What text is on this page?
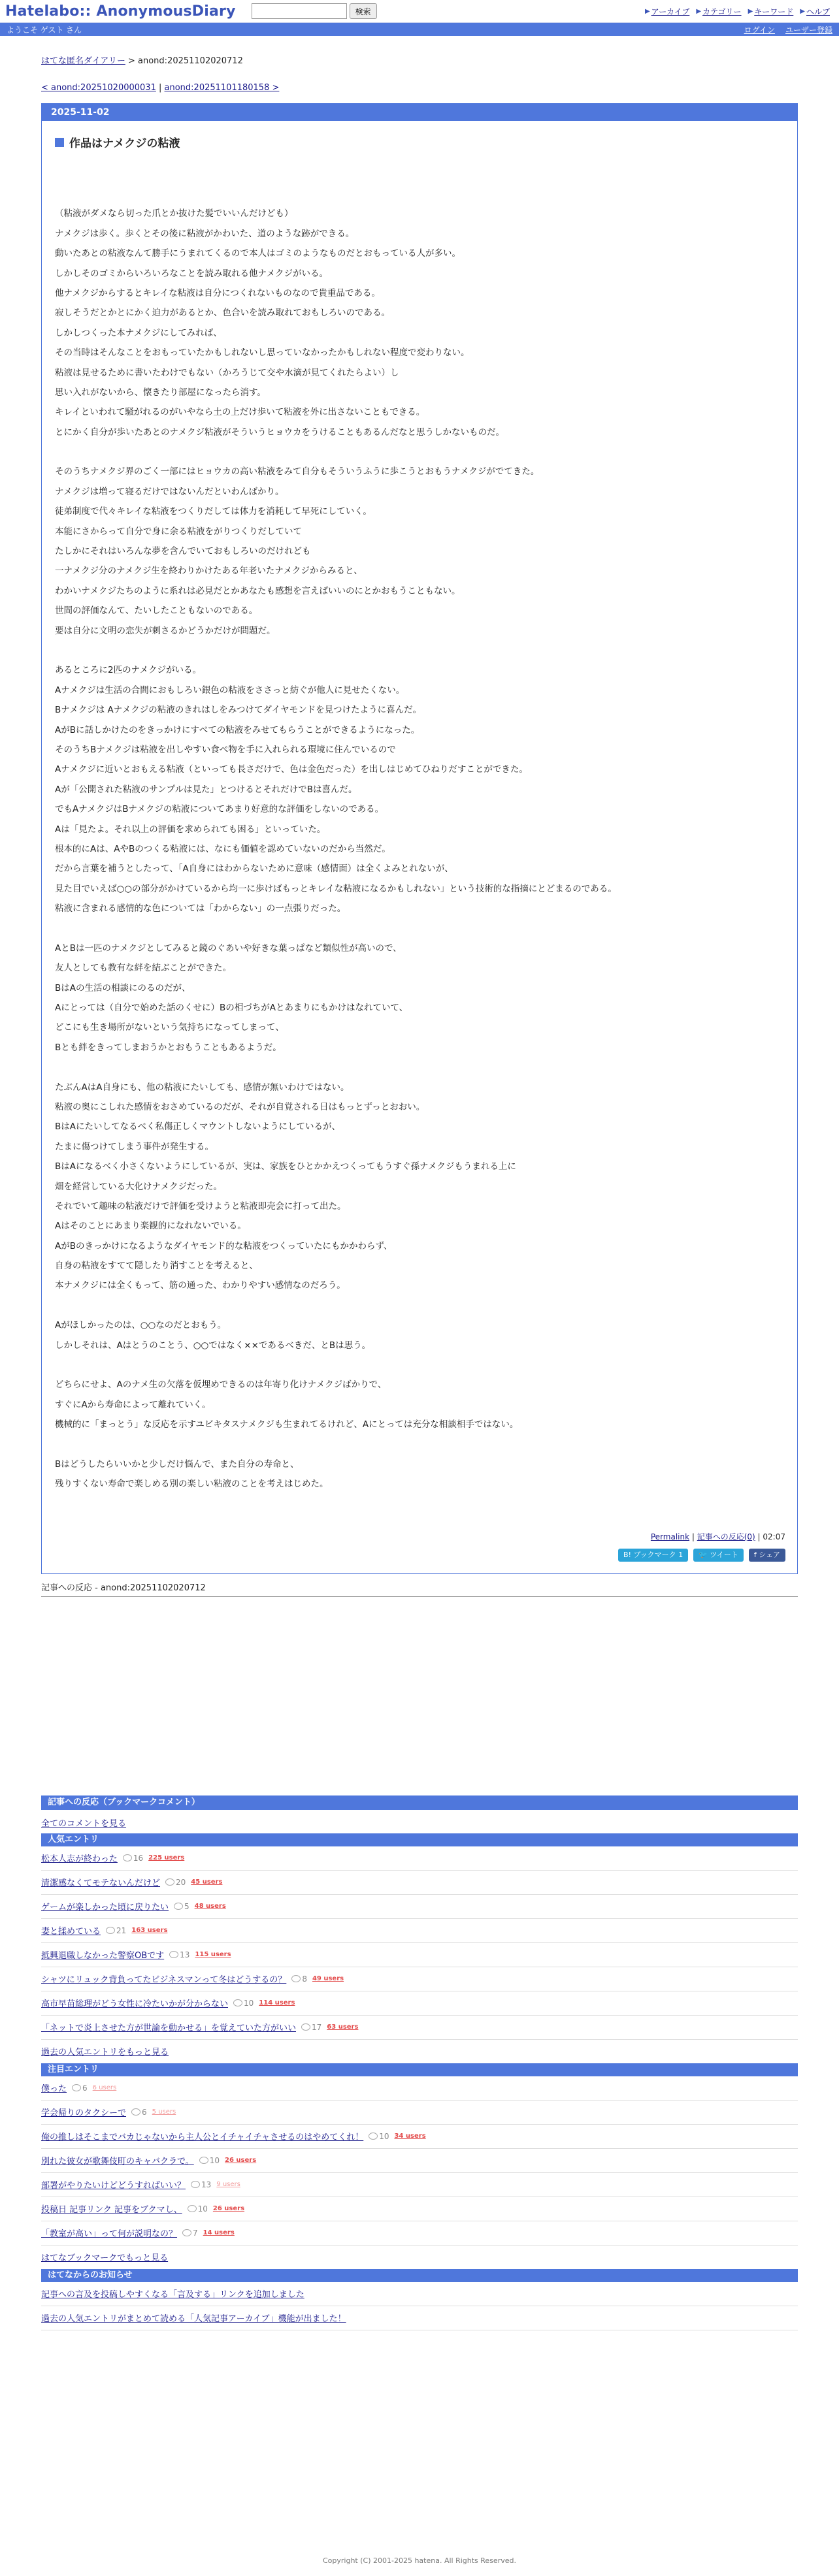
Hatelabo:: AnonymousDiary	検索	▶ アーカイブ ▶ カテゴリー ▶ キーワード ▶ ヘルプ
ようこそ ゲスト さん	ログイン ユーザー登録
はてな匿名ダイアリー > anond:20251102020712
< anond:20251020000031 | anond:20251101180158 >
2025-11-02
作品はナメクジの粘液

（粘液がダメなら切った爪とか抜けた髪でいいんだけども）

ナメクジは歩く。歩くとその後に粘液がかわいた、道のような跡ができる。

動いたあとの粘液なんて勝手にうまれてくるので本人はゴミのようなものだとおもっている人が多い。

しかしそのゴミからいろいろなことを読み取れる他ナメクジがいる。

他ナメクジからするとキレイな粘液は自分につくれないものなので貴重品である。

寂しそうだとかとにかく迫力があるとか、色合いを読み取れておもしろいのである。

しかしつくった本ナメクジにしてみれば、

その当時はそんなことをおもっていたかもしれないし思っていなかったかもしれない程度で変わりない。

粘液は見せるために書いたわけでもない（かろうじて交や水滴が見てくれたらよい）し

思い入れがないから、懐きたり部屋になったら消す。

キレイといわれて騒がれるのがいやなら土の上だけ歩いて粘液を外に出さないこともできる。

とにかく自分が歩いたあとのナメクジ粘液がそういうヒョウカをうけることもあるんだなと思うしかないものだ。

そのうちナメクジ界のごく一部にはヒョウカの高い粘液をみて自分もそういうふうに歩こうとおもうナメクジがでてきた。

ナメクジは増って寝るだけではないんだといわんばかり。

徒弟制度で代々キレイな粘液をつくりだしては体力を消耗して早死にしていく。

本能にさからって自分で身に余る粘液をがりつくりだしていて

たしかにそれはいろんな夢を含んでいておもしろいのだけれども

一ナメクジ分のナメクジ生を終わりかけたある年老いたナメクジからみると、

わかいナメクジたちのように系れは必見だとかあなたも感想を言えばいいのにとかおもうこともない。

世間の評価なんて、たいしたこともないのである。

要は自分に文明の恋失が刺さるかどうかだけが問題だ。

あるところに2匹のナメクジがいる。

Aナメクジは生活の合間におもしろい銀色の粘液をささっと紡ぐが他人に見せたくない。

Bナメクジは Aナメクジの粘液のきれはしをみつけてダイヤモンドを見つけたように喜んだ。

AがBに話しかけたのをきっかけにすべての粘液をみせてもらうことができるようになった。

そのうちBナメクジは粘液を出しやすい食べ物を手に入れられる環境に住んでいるので

Aナメクジに近いとおもえる粘液（といっても長さだけで、色は金色だった）を出しはじめてひねりだすことができた。

Aが「公開された粘液のサンプルは見た」とつけるとそれだけでBは喜んだ。

でもAナメクジはBナメクジの粘液についてあまり好意的な評価をしないのである。

Aは「見たよ。それ以上の評価を求められても困る」といっていた。

根本的にAは、AやBのつくる粘液には、なにも価値を認めていないのだから当然だ。

だから言葉を補うとしたって、「A自身にはわからないために意味（感情面）は全くよみとれないが、

見た目でいえば○○の部分がかけているから均一に歩けばもっとキレイな粘液になるかもしれない」という技術的な指摘にとどまるのである。

粘液に含まれる感情的な色については「わからない」の一点張りだった。

AとBは一匹のナメクジとしてみると鏡のぐあいや好きな葉っぱなど類似性が高いので、

友人としても教有な絆を結ぶことができた。

BはAの生活の相談にのるのだが、

Aにとっては（自分で始めた話のくせに）Bの相づちがAとあまりにもかけはなれていて、

どこにも生き場所がないという気持ちになってしまって、

Bとも絆をきってしまおうかとおもうこともあるようだ。

たぶんAはA自身にも、他の粘液にたいしても、感情が無いわけではない。

粘液の奥にこしれた感情をおさめているのだが、それが自覚される日はもっとずっとおおい。

BはAにたいしてなるべく私傷正しくマウントしないようにしているが、

たまに傷つけてしまう事件が発生する。

BはAになるべく小さくないようにしているが、実は、家族をひとかかえつくってもうすぐ孫ナメクジもうまれる上に

畑を経営している大化けナメクジだった。

それでいて趣味の粘液だけで評価を受けようと粘液即売会に打って出た。

Aはそのことにあまり楽観的になれないでいる。

AがBのきっかけになるようなダイヤモンド的な粘液をつくっていたにもかかわらず、

自身の粘液をすてて隠したり消すことを考えると、

本ナメクジには全くもって、筋の通った、わかりやすい感情なのだろう。

Aがほしかったのは、○○なのだとおもう。

しかしそれは、Aはとうのことう、○○ではなく××であるべきだ、とBは思う。

どちらにせよ、Aのナメ生の欠落を仮埋めできるのは年寄り化けナメクジばかりで、

すぐにAから寿命によって離れていく。

機械的に「まっとう」な反応を示すユビキタスナメクジも生まれてるけれど、Aにとっては充分な相談相手ではない。

Bはどうしたらいいかと少しだけ悩んで、また自分の寿命と、

残りすくない寿命で楽しめる別の楽しい粘液のことを考えはじめた。

Permalink | 記事への反応(0) | 02:07
B! ブックマーク 1	🐦 ツイート	f シェア
記事への反応 - anond:20251102020712
記事への反応（ブックマークコメント）
全てのコメントを見る
人気エントリ
松本人志が終わった 16 225 users
清潔感なくてモテないんだけど 20 45 users
ゲームが楽しかった頃に戻りたい 5 48 users
妻と揉めている 21 163 users
抵興退職しなかった警察OBです 13 115 users
シャツにリュック背負ってたビジネスマンって冬はどうするの？ 8 49 users
高市早苗総理がどう女性に冷たいかが分からない 10 114 users
「ネットで炎上させた方が世論を動かせる」を覚えていた方がいい 17 63 users
過去の人気エントリをもっと見る
注目エントリ
僕った 6 6 users
学会帰りのタクシーで 6 5 users
俺の推しはそこまでバカじゃないから主人公とイチャイチャさせるのはやめてくれ！ 10 34 users
別れた彼女が歌舞伎町のキャバクラで。 10 26 users
部署がやりたいけどどうすればいい？ 13 9 users
投稿日 記事リンク 記事をブクマし、 10 26 users
「教室が高い」って何が説明なの？ 7 14 users
はてなブックマークでもっと見る
はてなからのお知らせ
記事への言及を投稿しやすくなる「言及する」リンクを追加しました
過去の人気エントリがまとめて読める「人気記事アーカイブ」機能が出ました！
Copyright (C) 2001-2025 hatena. All Rights Reserved.
